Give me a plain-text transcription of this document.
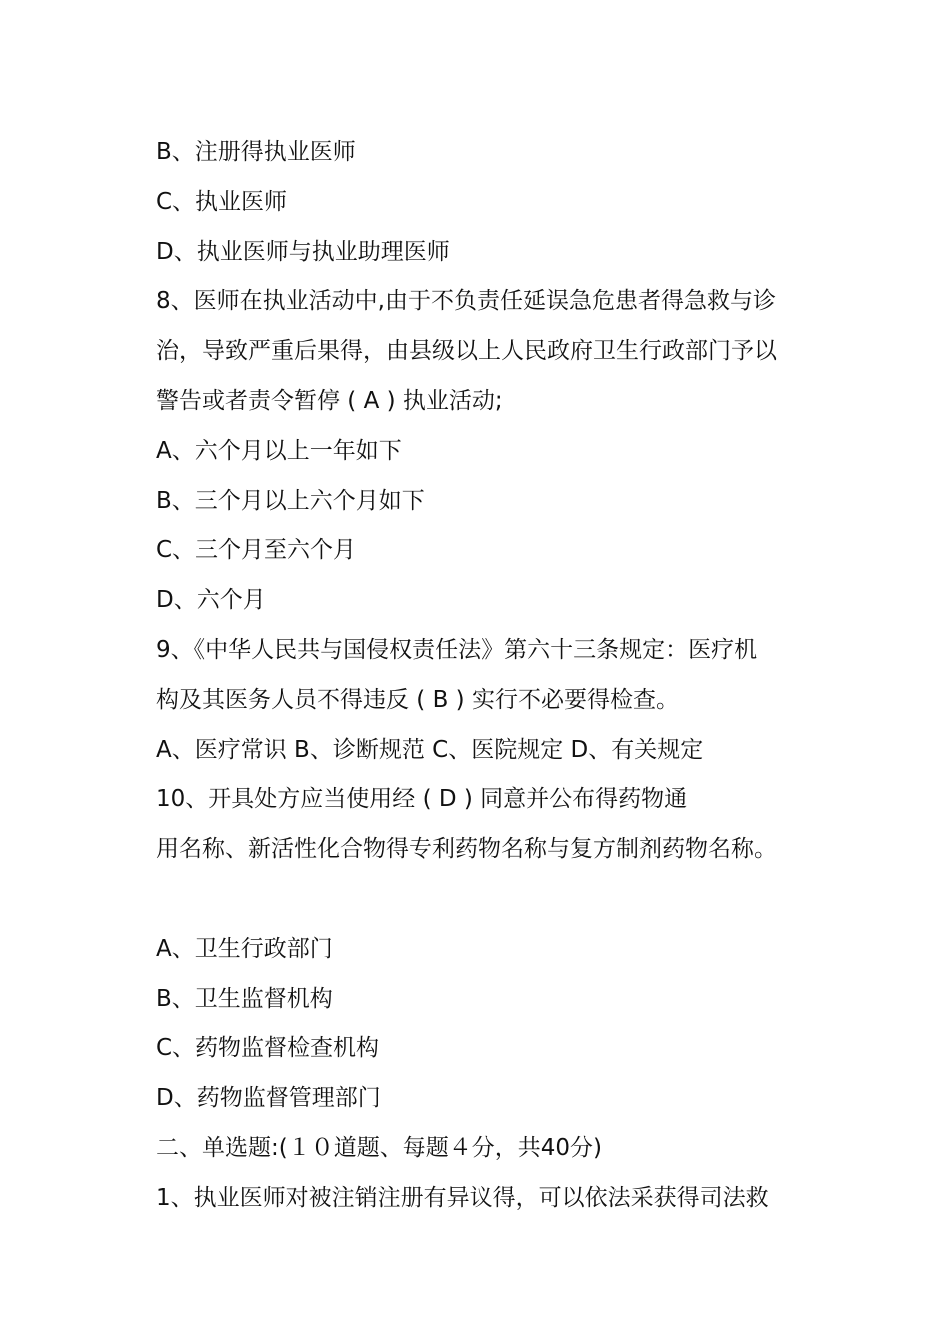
B、注册得执业医师
C、执业医师
D、执业医师与执业助理医师
8、医师在执业活动中,由于不负责任延误急危患者得急救与诊
治，导致严重后果得，由县级以上人民政府卫生行政部门予以
警告或者责令暂停 ( A ) 执业活动;
A、六个月以上一年如下
B、三个月以上六个月如下
C、三个月至六个月
D、六个月
9、《中华人民共与国侵权责任法》第六十三条规定：医疗机
构及其医务人员不得违反 ( B ) 实行不必要得检查。
A、医疗常识 B、诊断规范 C、医院规定 D、有关规定
10、开具处方应当使用经 ( D ) 同意并公布得药物通
用名称、新活性化合物得专利药物名称与复方制剂药物名称。
A、卫生行政部门
B、卫生监督机构
C、药物监督检查机构
D、药物监督管理部门
二、单选题:(１０道题、每题４分，共40分)
1、执业医师对被注销注册有异议得，可以依法采获得司法救
